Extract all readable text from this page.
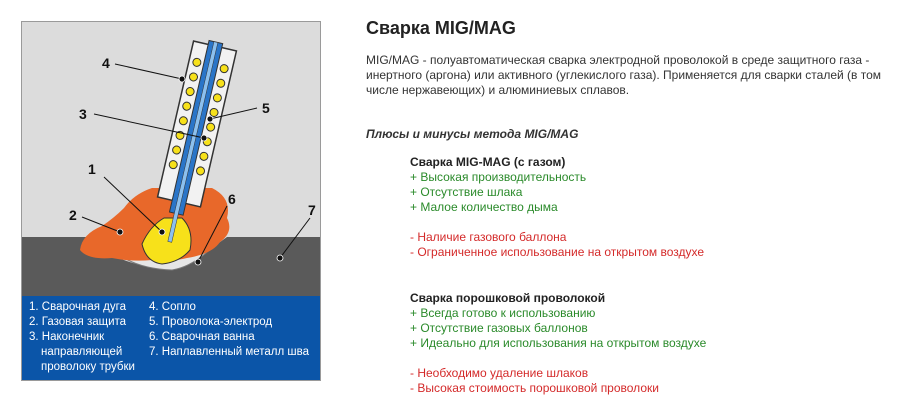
1
2
3
4
5
6
7
1. Сварочная дуга
2. Газовая защита
3. Наконечник
направляющей
проволоку трубки
4. Сопло
5. Проволока-электрод
6. Сварочная ванна
7. Наплавленный металл шва
Сварка MIG/MAG

MIG/MAG - полуавтоматическая сварка электродной проволокой в среде защитного газа - инертного (аргона) или активного (углекислого газа). Применяется для сварки сталей (в том числе нержавеющих) и алюминиевых сплавов.

Плюсы и минусы метода MIG/MAG
Сварка MIG-MAG (с газом)
+ Высокая производительность
+ Отсутствие шлака
+ Малое количество дыма
- Наличие газового баллона
- Ограниченное использование на открытом воздухе
Сварка порошковой проволокой
+ Всегда готово к использованию
+ Отсутствие газовых баллонов
+ Идеально для использования на открытом воздухе
- Необходимо удаление шлаков
- Высокая стоимость порошковой проволоки
